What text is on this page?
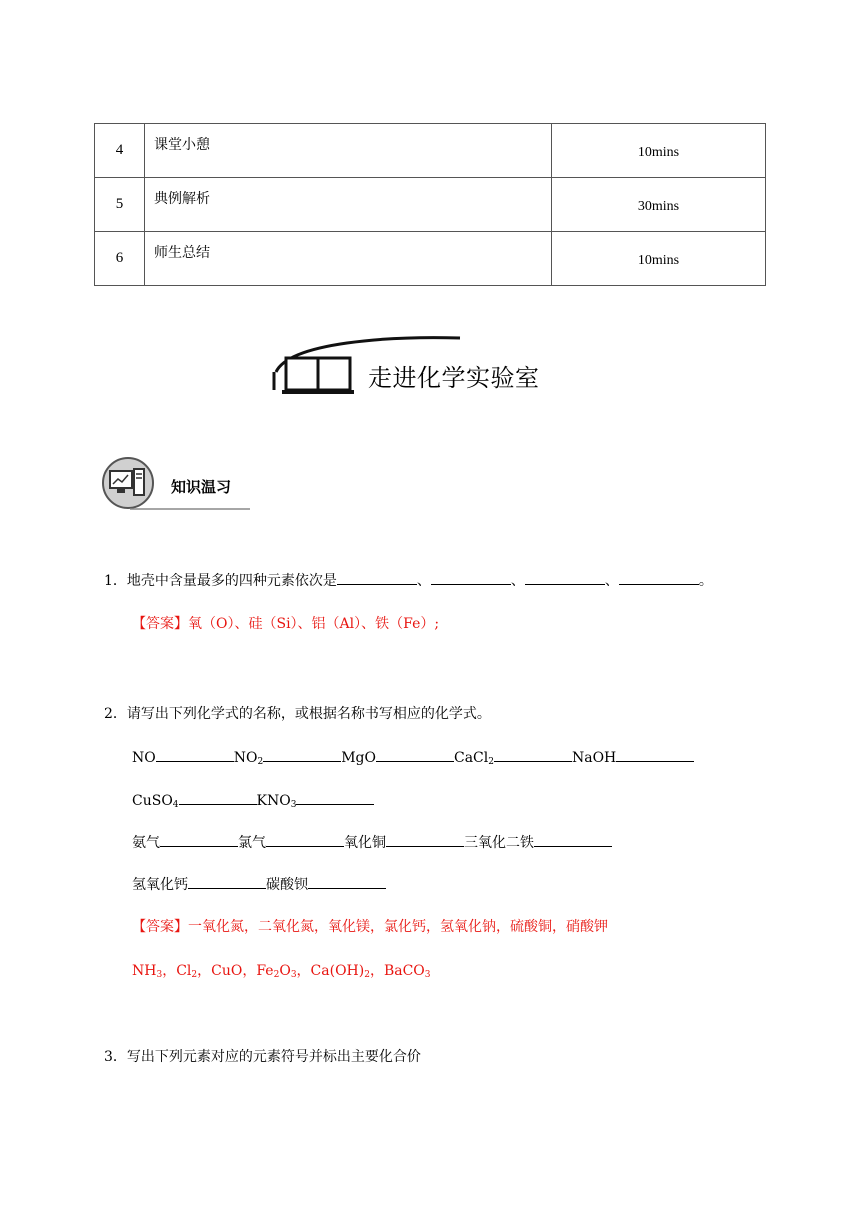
4	课堂小憩	10mins
5	典例解析	30mins
6	师生总结	10mins
走进化学实验室
知识温习
1．地壳中含量最多的四种元素依次是	、	、	、	。
【答案】氧（O）、硅（Si）、铝（Al）、铁（Fe）;
2．请写出下列化学式的名称，或根据名称书写相应的化学式。
NO	$NO_2$	MgO	CaCl$_2$	NaOH
CuSO$_4$	$KNO_3$
氨气	氯气	氧化铜	三氧化二铁
氢氧化钙	碳酸钡
【答案】一氧化氮，二氧化氮，氧化镁，氯化钙，氢氧化钠，硫酸铜，硝酸钾
$NH_3$，$Cl_2$，CuO，$Fe_2O_3$，$Ca(OH)_2$，BaCO$_3$
3．写出下列元素对应的元素符号并标出主要化合价
